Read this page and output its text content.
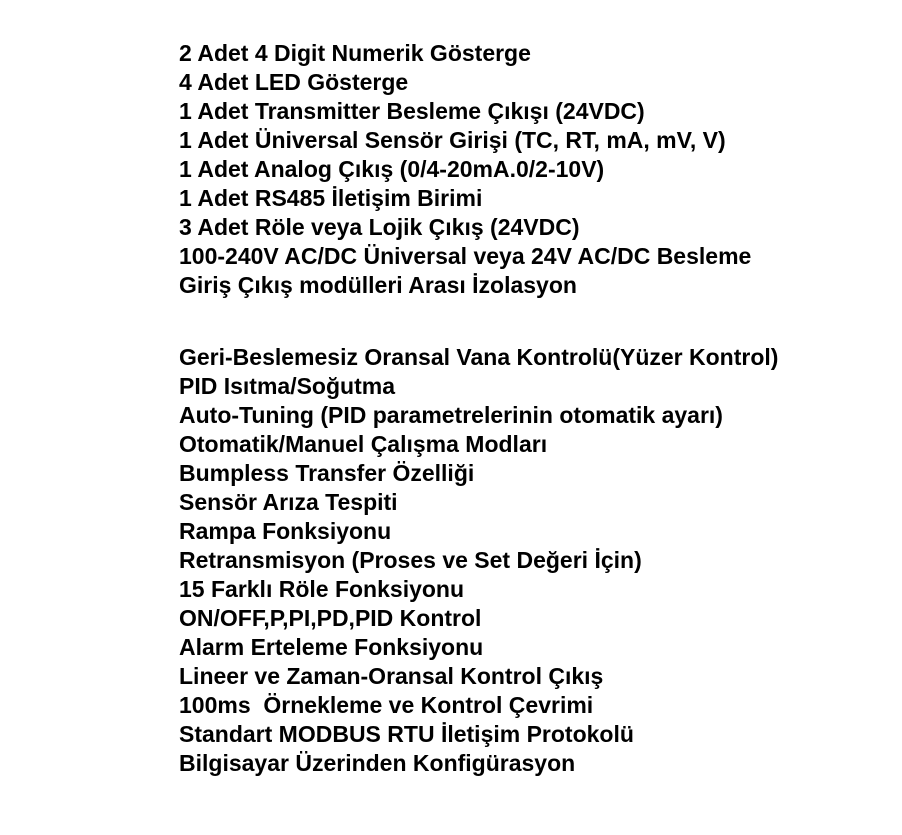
2 Adet 4 Digit Numerik Gösterge
4 Adet LED Gösterge
1 Adet Transmitter Besleme Çıkışı (24VDC)
1 Adet Üniversal Sensör Girişi (TC, RT, mA, mV, V)
1 Adet Analog Çıkış (0/4-20mA.0/2-10V)
1 Adet RS485 İletişim Birimi
3 Adet Röle veya Lojik Çıkış (24VDC)
100-240V AC/DC Üniversal veya 24V AC/DC Besleme
Giriş Çıkış modülleri Arası İzolasyon
Geri-Beslemesiz Oransal Vana Kontrolü(Yüzer Kontrol)
PID Isıtma/Soğutma
Auto-Tuning (PID parametrelerinin otomatik ayarı)
Otomatik/Manuel Çalışma Modları
Bumpless Transfer Özelliği
Sensör Arıza Tespiti
Rampa Fonksiyonu
Retransmisyon (Proses ve Set Değeri İçin)
15 Farklı Röle Fonksiyonu
ON/OFF,P,PI,PD,PID Kontrol
Alarm Erteleme Fonksiyonu
Lineer ve Zaman-Oransal Kontrol Çıkış
100ms  Örnekleme ve Kontrol Çevrimi
Standart MODBUS RTU İletişim Protokolü
Bilgisayar Üzerinden Konfigürasyon
